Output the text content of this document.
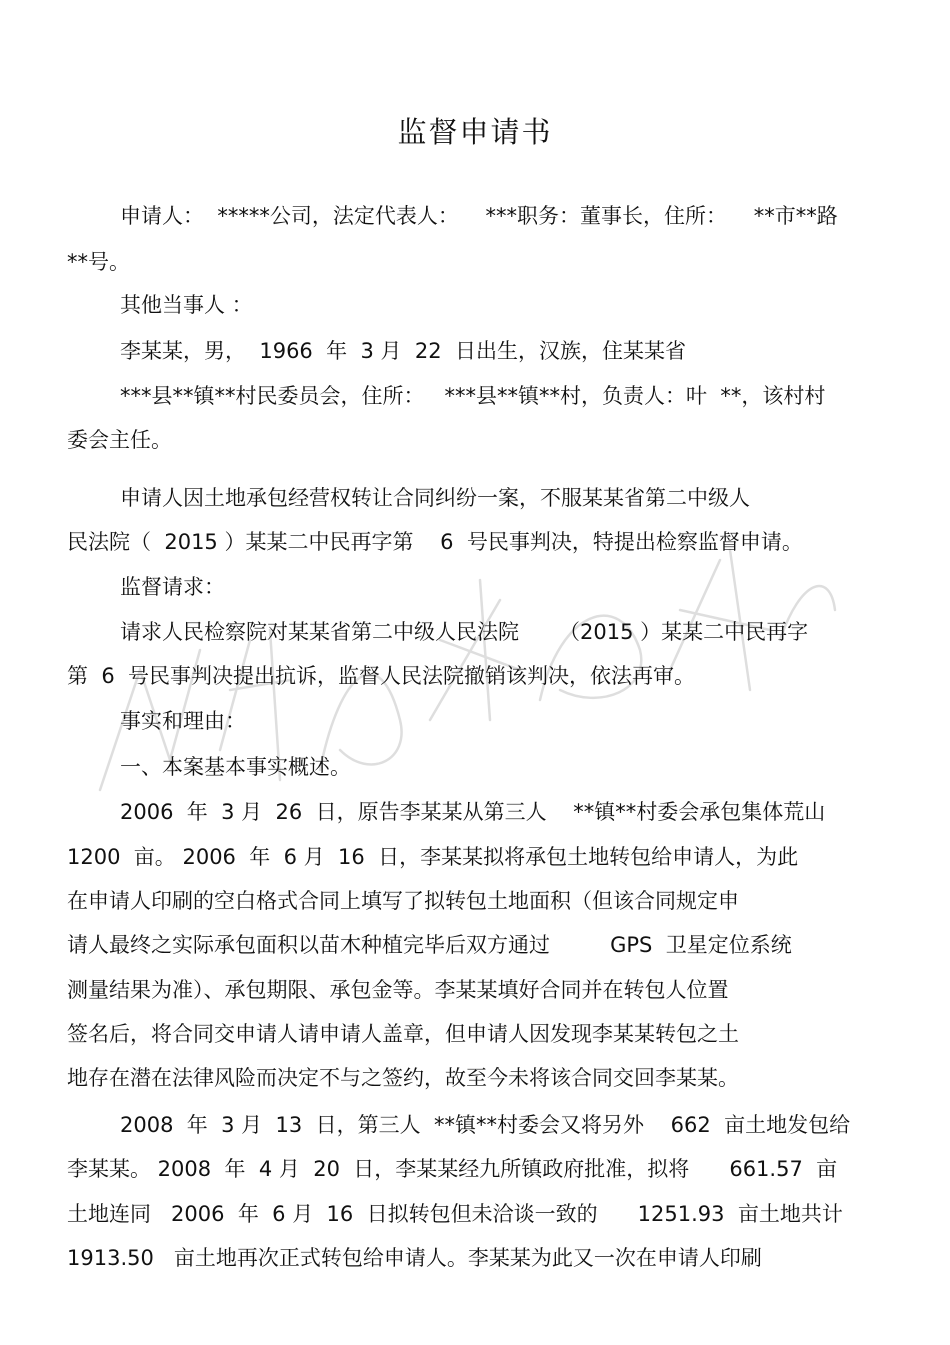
监督申请书
申请人：  *****公司，法定代表人：    ***职务：董事长，住所：    **市**路
**号。
其他当事人 ：
李某某，男，  1966  年  3 月  22  日出生，汉族，住某某省
***县**镇**村民委员会，住所：   ***县**镇**村，负责人：叶  **，该村村
委会主任。
申请人因土地承包经营权转让合同纠纷一案，不服某某省第二中级人
民法院（  2015 ）某某二中民再字第    6  号民事判决，特提出检察监督申请。
监督请求：
请求人民检察院对某某省第二中级人民法院      （2015 ）某某二中民再字
第  6  号民事判决提出抗诉，监督人民法院撤销该判决，依法再审。
事实和理由：
一、本案基本事实概述。
2006  年  3 月  26  日，原告李某某从第三人    **镇**村委会承包集体荒山
1200  亩。 2006  年  6 月  16  日，李某某拟将承包土地转包给申请人，为此
在申请人印刷的空白格式合同上填写了拟转包土地面积（但该合同规定申
请人最终之实际承包面积以苗木种植完毕后双方通过         GPS  卫星定位系统
测量结果为准）、承包期限、承包金等。李某某填好合同并在转包人位置
签名后，将合同交申请人请申请人盖章，但申请人因发现李某某转包之土
地存在潜在法律风险而决定不与之签约，故至今未将该合同交回李某某。
2008  年  3 月  13  日，第三人  **镇**村委会又将另外    662  亩土地发包给
李某某。 2008  年  4 月  20  日，李某某经九所镇政府批准，拟将      661.57  亩
土地连同   2006  年  6 月  16  日拟转包但未洽谈一致的      1251.93  亩土地共计
1913.50   亩土地再次正式转包给申请人。李某某为此又一次在申请人印刷
